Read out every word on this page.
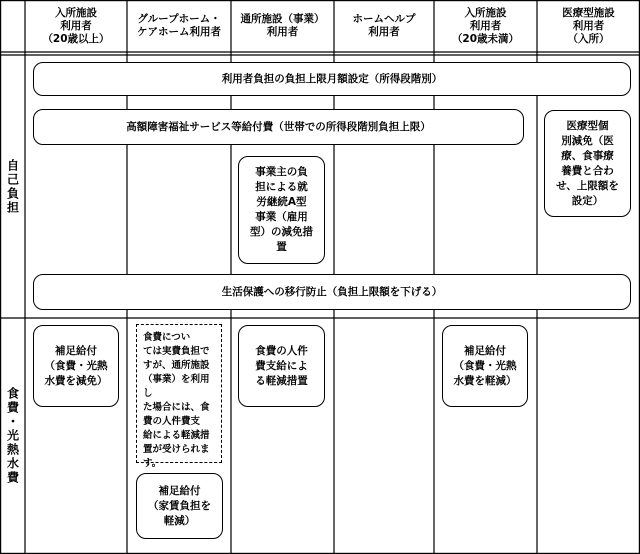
入所施設
利用者
（20歳以上）
グループホーム・
ケアホーム利用者
通所施設（事業）
利用者
ホームヘルプ
利用者
入所施設
利用者
（20歳未満）
医療型施設
利用者
（入所）
自己負担
食費・光熱水費
利用者負担の負担上限月額設定（所得段階別）
高額障害福祉サービス等給付費（世帯での所得段階別負担上限）
事業主の負
担による就
労継続A型
事業（雇用
型）の減免措
置
医療型個
別減免（医
療、食事療
養費と合わ
せ、上限額を
設定）
生活保護への移行防止（負担上限額を下げる）
補足給付
（食費・光熱
水費を減免）
食費につい
ては実費負担で
すが、通所施設
（事業）を利用し
た場合には、食
費の人件費支
給による軽減措
置が受けられま
す。
補足給付
（家賃負担を
軽減）
食費の人件
費支給によ
る軽減措置
補足給付
（食費・光熱
水費を軽減）
